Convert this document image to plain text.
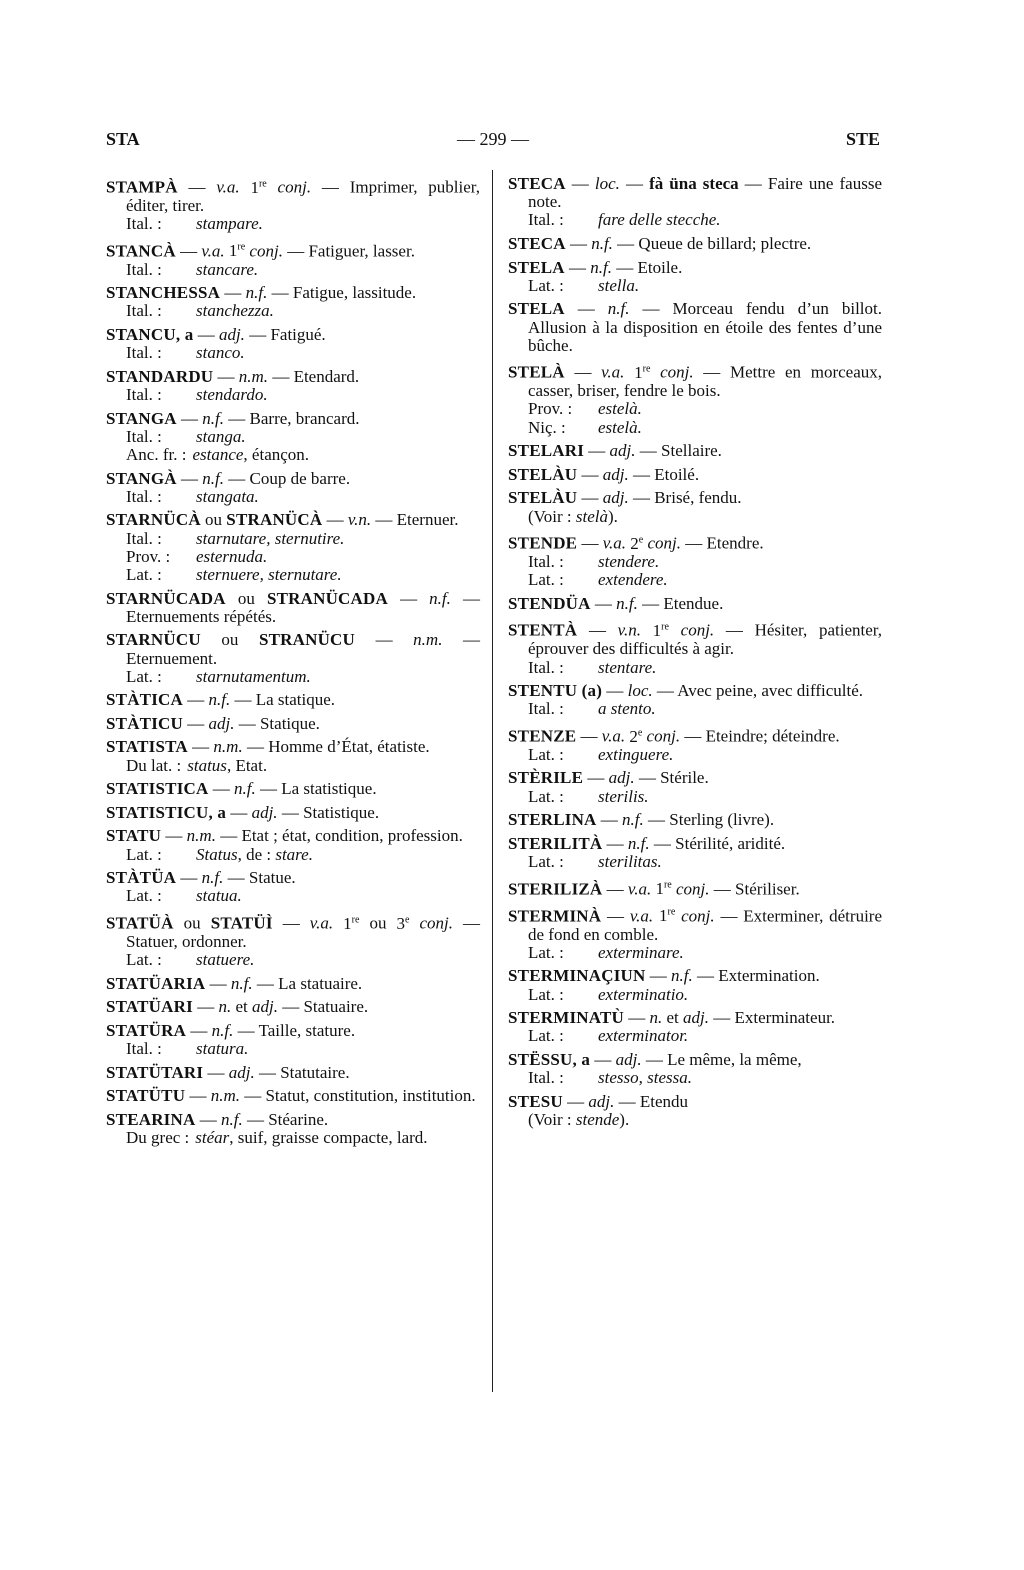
STA	— 299 —	STE
STAMPÀ — v.a. 1re conj. — Imprimer, publier, éditer, tirer.
Ital. :	stampare.
STANCÀ — v.a. 1re conj. — Fatiguer, lasser.
Ital. :	stancare.
STANCHESSA — n.f. — Fatigue, lassitude.
Ital. :	stanchezza.
STANCU, a — adj. — Fatigué.
Ital. :	stanco.
STANDARDU — n.m. — Etendard.
Ital. :	stendardo.
STANGA — n.f. — Barre, brancard.
Ital. :	stanga.
Anc. fr. : estance, étançon.
STANGÀ — n.f. — Coup de barre.
Ital. :	stangata.
STARNÜCÀ ou STRANÜCÀ — v.n. — Eternuer.
Ital. :	starnutare, sternutire.
Prov. :	esternuda.
Lat. :	sternuere, sternutare.
STARNÜCADA ou STRANÜCADA — n.f. — Eternuements répétés.
STARNÜCU ou STRANÜCU — n.m. — Eternuement.
Lat. :	starnutamentum.
STÀTICA — n.f. — La statique.
STÀTICU — adj. — Statique.
STATISTA — n.m. — Homme d’État, étatiste.
Du lat. : status, Etat.
STATISTICA — n.f. — La statistique.
STATISTICU, a — adj. — Statistique.
STATU — n.m. — Etat ; état, condition, profession.
Lat. :	Status, de : stare.
STÀTÜA — n.f. — Statue.
Lat. :	statua.
STATÜÀ ou STATÜÌ — v.a. 1re ou 3e conj. — Statuer, ordonner.
Lat. :	statuere.
STATÜARIA — n.f. — La statuaire.
STATÜARI — n. et adj. — Statuaire.
STATÜRA — n.f. — Taille, stature.
Ital. :	statura.
STATÜTARI — adj. — Statutaire.
STATÜTU — n.m. — Statut, constitution, institution.
STEARINA — n.f. — Stéarine.
Du grec : stéar, suif, graisse compacte, lard.
STECA — loc. — fà üna steca — Faire une fausse note.
Ital. :	fare delle stecche.
STECA — n.f. — Queue de billard; plectre.
STELA — n.f. — Etoile.
Lat. :	stella.
STELA — n.f. — Morceau fendu d’un billot. Allusion à la disposition en étoile des fentes d’une bûche.
STELÀ — v.a. 1re conj. — Mettre en morceaux, casser, briser, fendre le bois.
Prov. :	estelà.
Niç. :	estelà.
STELARI — adj. — Stellaire.
STELÀU — adj. — Etoilé.
STELÀU — adj. — Brisé, fendu.
(Voir : stelà).
STENDE — v.a. 2e conj. — Etendre.
Ital. :	stendere.
Lat. :	extendere.
STENDÜA — n.f. — Etendue.
STENTÀ — v.n. 1re conj. — Hésiter, patienter, éprouver des difficultés à agir.
Ital. :	stentare.
STENTU (a) — loc. — Avec peine, avec difficulté.
Ital. :	a stento.
STENZE — v.a. 2e conj. — Eteindre; déteindre.
Lat. :	extinguere.
STÈRILE — adj. — Stérile.
Lat. :	sterilis.
STERLINA — n.f. — Sterling (livre).
STERILITÀ — n.f. — Stérilité, aridité.
Lat. :	sterilitas.
STERILIZÀ — v.a. 1re conj. — Stériliser.
STERMINÀ — v.a. 1re conj. — Exterminer, détruire de fond en comble.
Lat. :	exterminare.
STERMINAÇIUN — n.f. — Extermination.
Lat. :	exterminatio.
STERMINATÙ — n. et adj. — Exterminateur.
Lat. :	exterminator.
STËSSU, a — adj. — Le même, la même,
Ital. :	stesso, stessa.
STESU — adj. — Etendu
(Voir : stende).
